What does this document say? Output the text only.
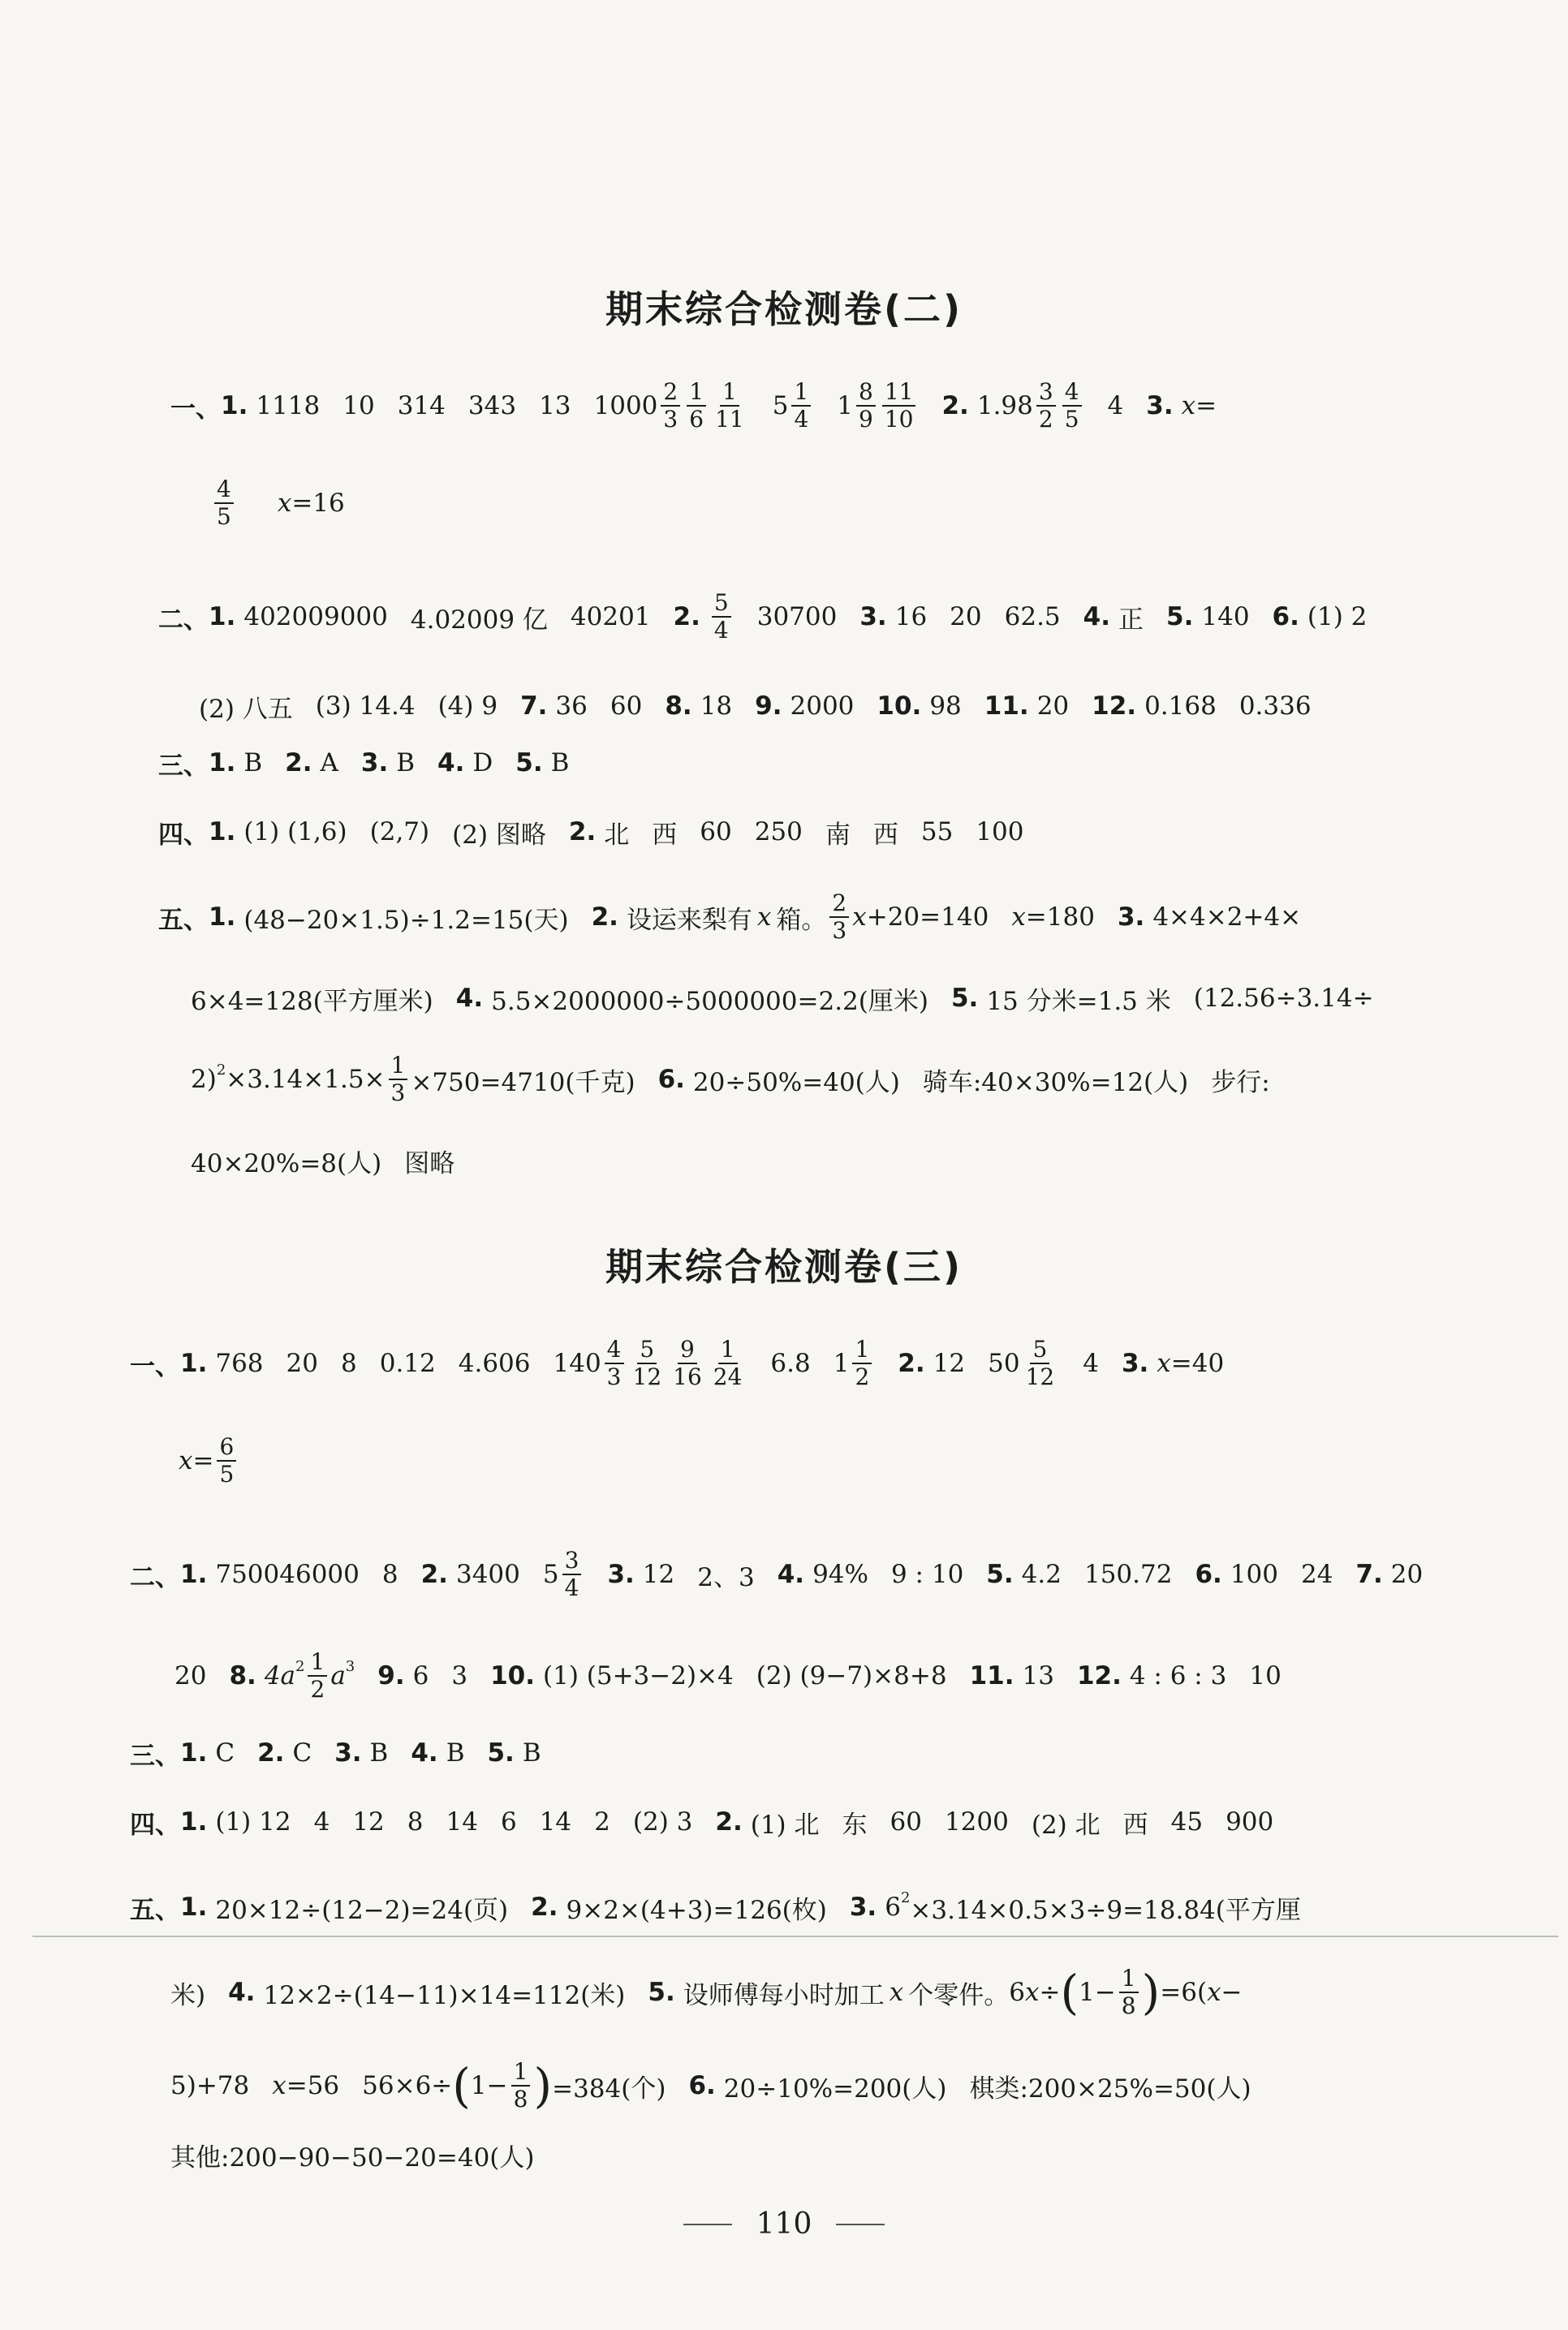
期末综合检测卷(二)
一、 1. 1118 10 314 343 13 $1000 \frac{2}{3} \frac{1}{6} \frac{1}{11} 5 \frac{1}{4} 1 \frac{8}{9} \frac{11}{10} 2$. $1.98 \frac{3}{2} \frac{4}{5} 4$ 3. x =
$\frac{4}{5}$ x =16
二、 1. 402009000 4.02009 亿 40201 2. $\frac{5}{4} 30700$ 3. 16 20 62.5 4. 正 5. 140 6. (1) 2
(2) 八五 (3) 14.4 (4) 9 7. 36 60 8. 18 9. 2000 10. 98 11. 20 12. 0.168 0.336
三、 1. B 2. A 3. B 4. D 5. B
四、 1. (1) (1,6) (2,7) (2) 图略 2. 北 西 60 250 南 西 55 100
五、 1. (48−20×1.5)÷1.2=15(天) 2. 设运来梨有 x 箱。 $\frac{2}{3}$ x +20=140 x =180 3. 4×4×2+4×
6×4=128(平方厘米) 4. 5.5×2000000÷5000000=2.2(厘米) 5. 15 分米=1.5 米 (12.56÷3.14÷
2) $2 \times 3.14\times 1.5\times \frac{1}{3} \times 750=4710$(千克) 6. 20÷50%=40(人) 骑车:40×30%=12(人) 步行:
40×20%=8(人) 图略
期末综合检测卷(三)
一、 1. 768 20 8 0.12 4.606 $140 \frac{4}{3} \frac{5}{12} \frac{9}{16} \frac{1}{24} 6.8$ $1 \frac{1}{2} 2$. 12 $50 \frac{5}{12} 4$ 3. x =40
$x = \frac{6}{5}$
二、 1. 750046000 8 2. 3400 $5 \frac{3}{4} 3$. 12 2、3 4. 94% 9 : 10 5. 4.2 150.72 6. 100 24 7. 20
20 8. 4a $2 \frac{1}{2}$ a 3 9. 6 3 10. (1) (5+3−2)×4 (2) (9−7)×8+8 11. 13 12. 4 : 6 : 3 10
三、 1. C 2. C 3. B 4. B 5. B
四、 1. (1) 12 4 12 8 14 6 14 2 (2) 3 2. (1) 北 东 60 1200 (2) 北 西 45 900
五、 1. 20×12÷(12−2)=24(页) 2. 9×2×(4+3)=126(枚) 3. 6 2 ×3.14×0.5×3÷9=18.84(平方厘
米) 4. 12×2÷(14−11)×14=112(米) 5. 设师傅每小时加工 x 个零件。 6 x ÷ ( $1- \frac{1}{8}$ ) =6( x −
5)+78 x =56 56×6÷ ( $1- \frac{1}{8}$ ) =384(个) 6. 20÷10%=200(人) 棋类:200×25%=50(人)
其他:200−90−50−20=40(人)
110
